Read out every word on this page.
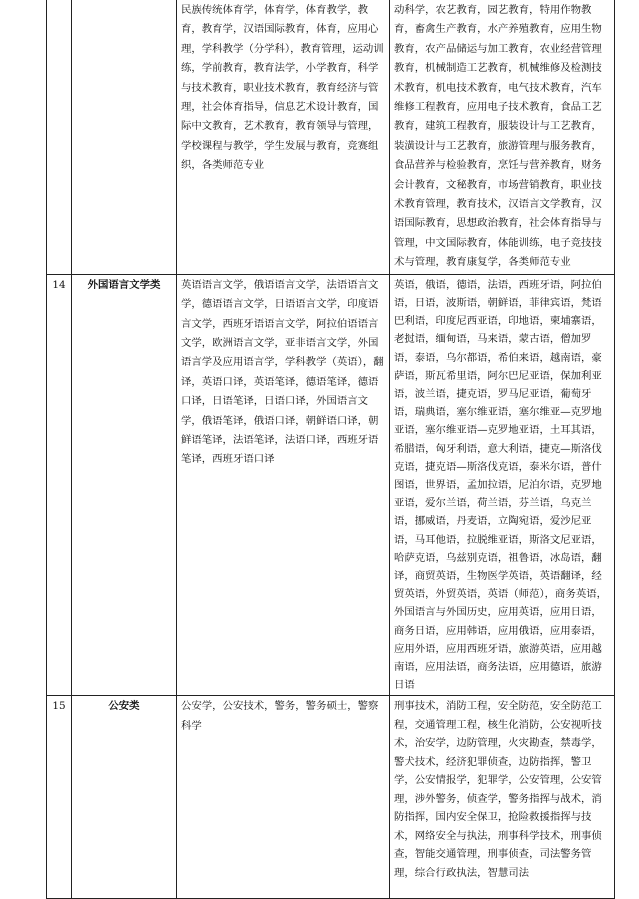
		民族传统体育学，体育学，体育教学，教育，教育学，汉语国际教育，体育，应用心理，学科教学（分学科），教育管理，运动训练，学前教育，教育法学，小学教育，科学与技术教育，职业技术教育，教育经济与管理，社会体育指导，信息艺术设计教育，国际中文教育，艺术教育，教育领导与管理，学校课程与教学，学生发展与教育，竞赛组织，各类师范专业	动科学，农艺教育，园艺教育，特用作物教育，畜禽生产教育，水产养殖教育，应用生物教育，农产品储运与加工教育，农业经营管理教育，机械制造工艺教育，机械维修及检测技术教育，机电技术教育，电气技术教育，汽车维修工程教育，应用电子技术教育，食品工艺教育，建筑工程教育，服装设计与工艺教育，装潢设计与工艺教育，旅游管理与服务教育，食品营养与检验教育，烹饪与营养教育，财务会计教育，文秘教育，市场营销教育，职业技术教育管理，教育技术，汉语言文学教育，汉语国际教育，思想政治教育，社会体育指导与管理，中文国际教育，体能训练，电子竞技技术与管理，教育康复学，各类师范专业
14	外国语言文学类	英语语言文学，俄语语言文学，法语语言文学，德语语言文学，日语语言文学，印度语言文学，西班牙语语言文学，阿拉伯语语言文学，欧洲语言文学，亚非语言文学，外国语言学及应用语言学，学科教学（英语），翻译，英语口译，英语笔译，德语笔译，德语口译，日语笔译，日语口译，外国语言文学，俄语笔译，俄语口译，朝鲜语口译，朝鲜语笔译，法语笔译，法语口译，西班牙语笔译，西班牙语口译	英语，俄语，德语，法语，西班牙语，阿拉伯语，日语，波斯语，朝鲜语，菲律宾语，梵语巴利语，印度尼西亚语，印地语，柬埔寨语，老挝语，缅甸语，马来语，蒙古语，僧加罗语，泰语，乌尔都语，希伯来语，越南语，豪萨语，斯瓦希里语，阿尔巴尼亚语，保加利亚语，波兰语，捷克语，罗马尼亚语，葡萄牙语，瑞典语，塞尔维亚语，塞尔维亚—克罗地亚语，塞尔维亚语—克罗地亚语，土耳其语，希腊语，匈牙利语，意大利语，捷克—斯洛伐克语，捷克语—斯洛伐克语，泰米尔语，普什图语，世界语，孟加拉语，尼泊尔语，克罗地亚语，爱尔兰语，荷兰语，芬兰语，乌克兰语，挪威语，丹麦语，立陶宛语，爱沙尼亚语，马耳他语，拉脱维亚语，斯洛文尼亚语，哈萨克语，乌兹别克语，祖鲁语，冰岛语，翻译，商贸英语，生物医学英语，英语翻译，经贸英语，外贸英语，英语（师范），商务英语，外国语言与外国历史，应用英语，应用日语，商务日语，应用韩语，应用俄语，应用泰语，应用外语，应用西班牙语，旅游英语，应用越南语，应用法语，商务法语，应用德语，旅游日语
15	公安类	公安学，公安技术，警务，警务硕士，警察科学	刑事技术，消防工程，安全防范，安全防范工程，交通管理工程，核生化消防，公安视听技术，治安学，边防管理，火灾勘查，禁毒学，警犬技术，经济犯罪侦查，边防指挥，警卫学，公安情报学，犯罪学，公安管理，公安管理，涉外警务，侦查学，警务指挥与战术，消防指挥，国内安全保卫，抢险救援指挥与技术，网络安全与执法，刑事科学技术，刑事侦查，智能交通管理，刑事侦查，司法警务管理，综合行政执法，智慧司法
